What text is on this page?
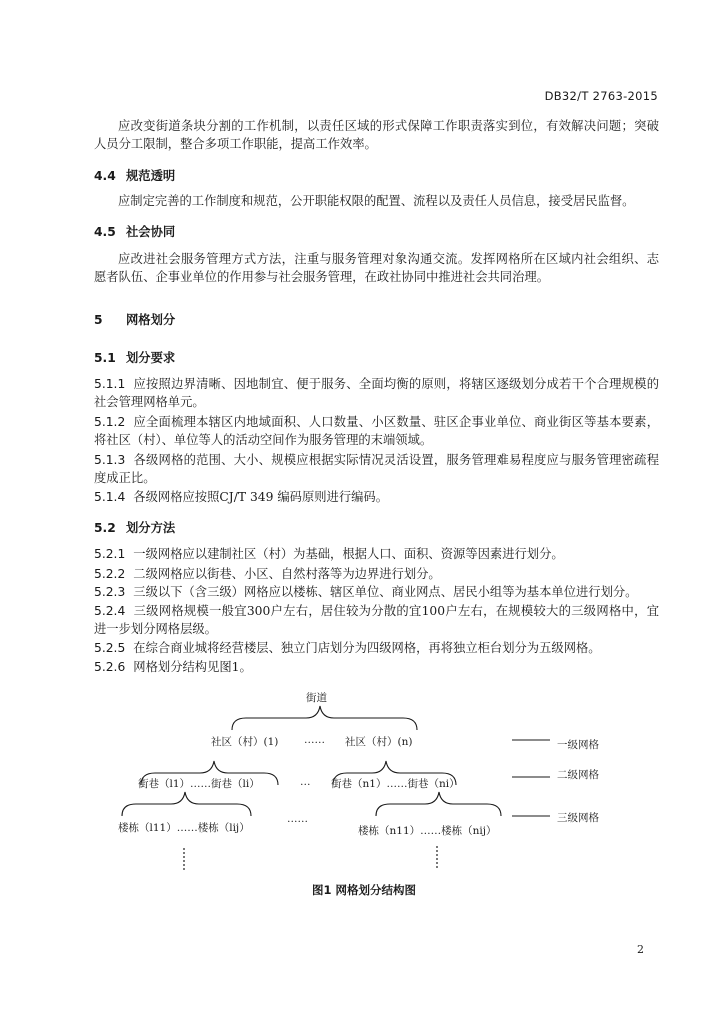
DB32/T 2763-2015
应改变街道条块分割的工作机制，以责任区域的形式保障工作职责落实到位，有效解决问题；突破人员分工限制，整合多项工作职能，提高工作效率。
4.4 规范透明
应制定完善的工作制度和规范，公开职能权限的配置、流程以及责任人员信息，接受居民监督。
4.5 社会协同
应改进社会服务管理方式方法，注重与服务管理对象沟通交流。发挥网格所在区域内社会组织、志愿者队伍、企事业单位的作用参与社会服务管理，在政社协同中推进社会共同治理。
5 网格划分
5.1 划分要求
5.1.1 应按照边界清晰、因地制宜、便于服务、全面均衡的原则，将辖区逐级划分成若干个合理规模的社会管理网格单元。
5.1.2 应全面梳理本辖区内地域面积、人口数量、小区数量、驻区企事业单位、商业街区等基本要素，将社区（村）、单位等人的活动空间作为服务管理的末端领域。
5.1.3 各级网格的范围、大小、规模应根据实际情况灵活设置，服务管理难易程度应与服务管理密疏程度成正比。
5.1.4 各级网格应按照CJ/T 349 编码原则进行编码。
5.2 划分方法
5.2.1 一级网格应以建制社区（村）为基础，根据人口、面积、资源等因素进行划分。
5.2.2 二级网格应以街巷、小区、自然村落等为边界进行划分。
5.2.3 三级以下（含三级）网格应以楼栋、辖区单位、商业网点、居民小组等为基本单位进行划分。
5.2.4 三级网格规模一般宜300户左右，居住较为分散的宜100户左右，在规模较大的三级网格中，宜进一步划分网格层级。
5.2.5 在综合商业城将经营楼层、独立门店划分为四级网格，再将独立柜台划分为五级网格。
5.2.6 网格划分结构见图1。
街道
社区（村）(1) …… 社区（村）(n)
街巷（l1）……街巷（li）	… 街巷（n1）……街巷（ni）
楼栋（l11）……楼栋（lij）
……
楼栋（n11）……楼栋（nij）
一级网格
二级网格
三级网格
图1 网格划分结构图
2
